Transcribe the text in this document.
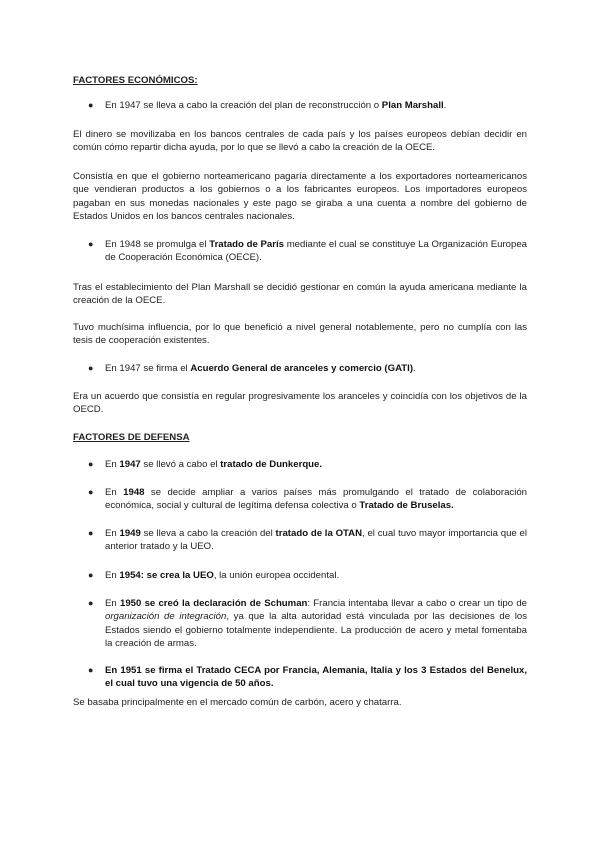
FACTORES ECONÓMICOS:

●	En 1947 se lleva a cabo la creación del plan de reconstrucción o Plan Marshall.

El dinero se movilizaba en los bancos centrales de cada país y los países europeos debían decidir en común cómo repartir dicha ayuda, por lo que se llevó a cabo la creación de la OECE.

Consistía en que el gobierno norteamericano pagaría directamente a los exportadores norteamericanos que vendieran productos a los gobiernos o a los fabricantes europeos. Los importadores europeos pagaban en sus monedas nacionales y este pago se giraba a una cuenta a nombre del gobierno de Estados Unidos en los bancos centrales nacionales.

●	En 1948 se promulga el Tratado de París mediante el cual se constituye La Organización Europea de Cooperación Económica (OECE).

Tras el establecimiento del Plan Marshall se decidió gestionar en común la ayuda americana mediante la creación de la OECE.

Tuvo muchísima influencia, por lo que benefició a nivel general notablemente, pero no cumplía con las tesis de cooperación existentes.

●	En 1947 se firma el Acuerdo General de aranceles y comercio (GATI).

Era un acuerdo que consistía en regular progresivamente los aranceles y coincidía con los objetivos de la OECD.

FACTORES DE DEFENSA

●	En 1947 se llevó a cabo el tratado de Dunkerque.

●	En 1948 se decide ampliar a varios países más promulgando el tratado de colaboración económica, social y cultural de legítima defensa colectiva o Tratado de Bruselas.

●	En 1949 se lleva a cabo la creación del tratado de la OTAN, el cual tuvo mayor importancia que el anterior tratado y la UEO.

●	En 1954: se crea la UEO, la unión europea occidental.

●	En 1950 se creó la declaración de Schuman: Francia intentaba llevar a cabo o crear un tipo de organización de integración, ya que la alta autoridad está vinculada por las decisiones de los Estados siendo el gobierno totalmente independiente. La producción de acero y metal fomentaba la creación de armas.

●	En 1951 se firma el Tratado CECA por Francia, Alemania, Italia y los 3 Estados del Benelux, el cual tuvo una vigencia de 50 años.

Se basaba principalmente en el mercado común de carbón, acero y chatarra.
